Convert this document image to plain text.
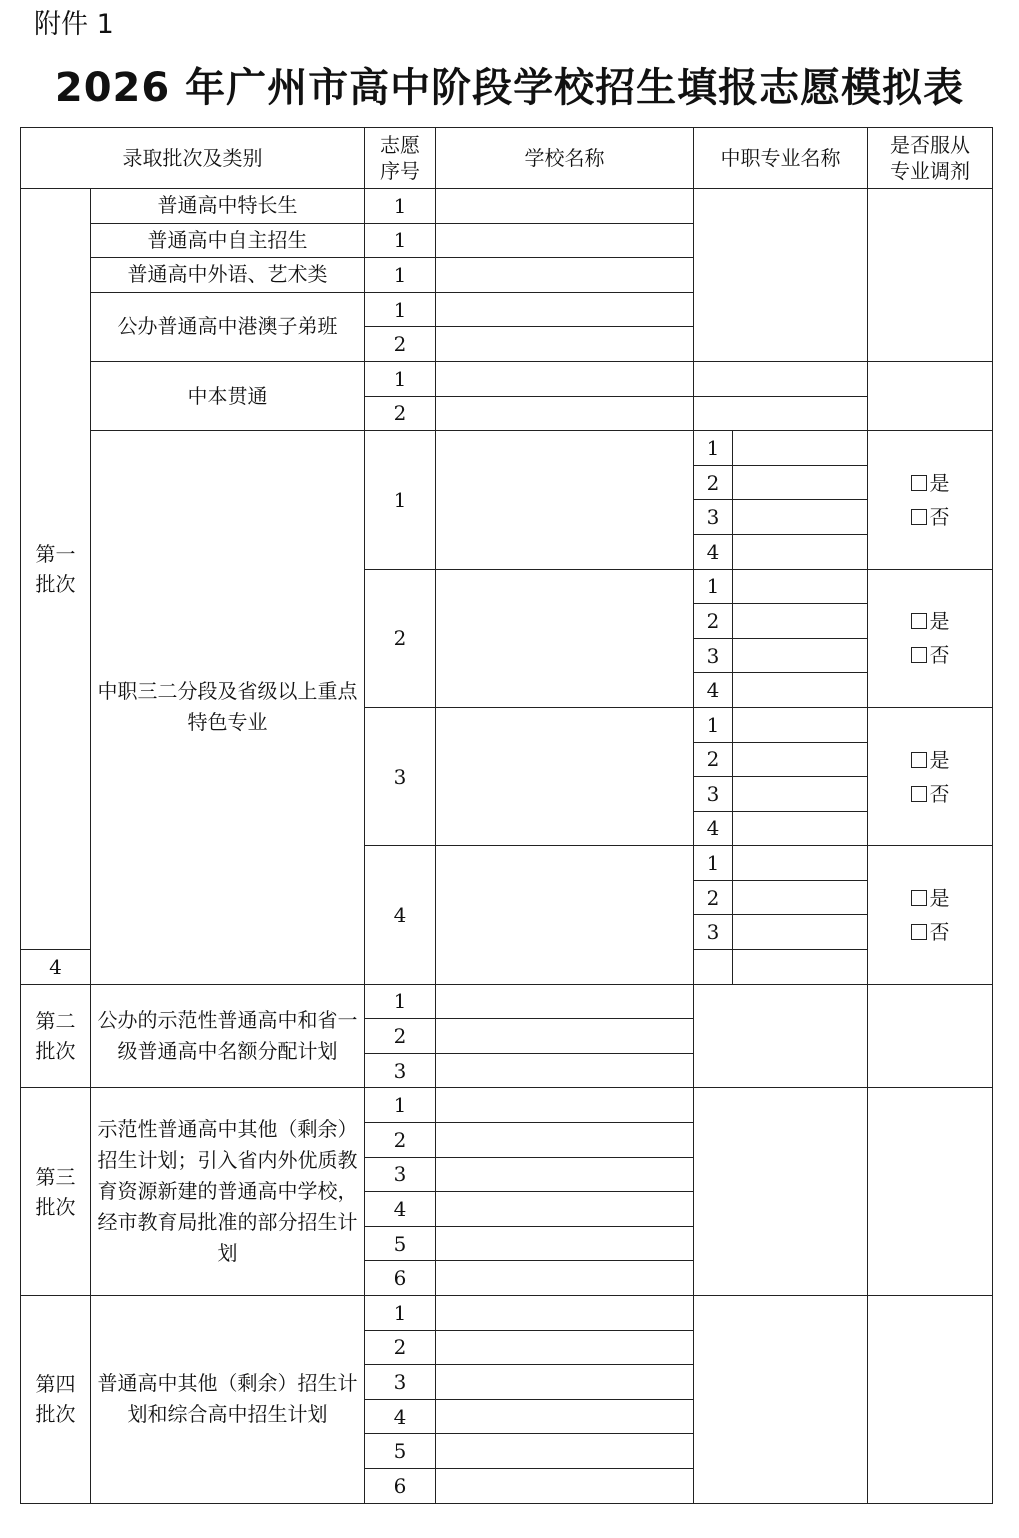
附件 1
2026 年广州市高中阶段学校招生填报志愿模拟表
录取批次及类别		志愿序号	学校名称	中职专业名称		是否服从专业调剂
第一批次	普通高中特长生	1				
	普通高中自主招生	1				
	普通高中外语、艺术类	1				
	公办普通高中港澳子弟班	1				
		2				
	中本贯通	1				
		2				
	中职三二分段及省级以上重点特色专业	1		1		是
否

				2		
				3		
				4		
		2		1		是
否

				2		
				3		
				4		
		3		1		是
否

				2		
				3		
				4		
		4		1		是
否

				2		
				3		
4						
第二批次	公办的示范性普通高中和省一级普通高中名额分配计划	1				
		2				
		3				
第三批次	示范性普通高中其他（剩余）招生计划；引入省内外优质教育资源新建的普通高中学校，经市教育局批准的部分招生计划	1				
		2				
		3				
		4				
		5				
		6				
第四批次	普通高中其他（剩余）招生计划和综合高中招生计划	1				
		2				
		3				
		4				
		5				
		6				
